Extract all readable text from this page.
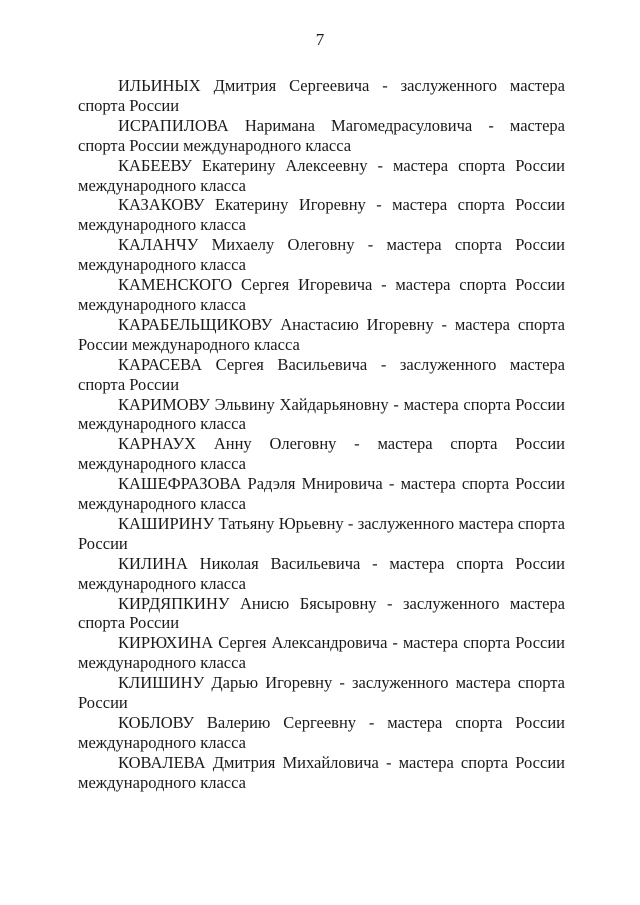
7

ИЛЬИНЫХ Дмитрия Сергеевича - заслуженного мастера спорта России

ИСРАПИЛОВА Наримана Магомедрасуловича - мастера спорта России международного класса

КАБЕЕВУ Екатерину Алексеевну - мастера спорта России международного класса

КАЗАКОВУ Екатерину Игоревну - мастера спорта России международного класса

КАЛАНЧУ Михаелу Олеговну - мастера спорта России международного класса

КАМЕНСКОГО Сергея Игоревича - мастера спорта России международного класса

КАРАБЕЛЬЩИКОВУ Анастасию Игоревну - мастера спорта России международного класса

КАРАСЕВА Сергея Васильевича - заслуженного мастера спорта России

КАРИМОВУ Эльвину Хайдарьяновну - мастера спорта России международного класса

КАРНАУХ Анну Олеговну - мастера спорта России международного класса

КАШЕФРАЗОВА Радэля Мнировича - мастера спорта России международного класса

КАШИРИНУ Татьяну Юрьевну - заслуженного мастера спорта России

КИЛИНА Николая Васильевича - мастера спорта России международного класса

КИРДЯПКИНУ Анисю Бясыровну - заслуженного мастера спорта России

КИРЮХИНА Сергея Александровича - мастера спорта России международного класса

КЛИШИНУ Дарью Игоревну - заслуженного мастера спорта России

КОБЛОВУ Валерию Сергеевну - мастера спорта России международного класса

КОВАЛЕВА Дмитрия Михайловича - мастера спорта России международного класса
